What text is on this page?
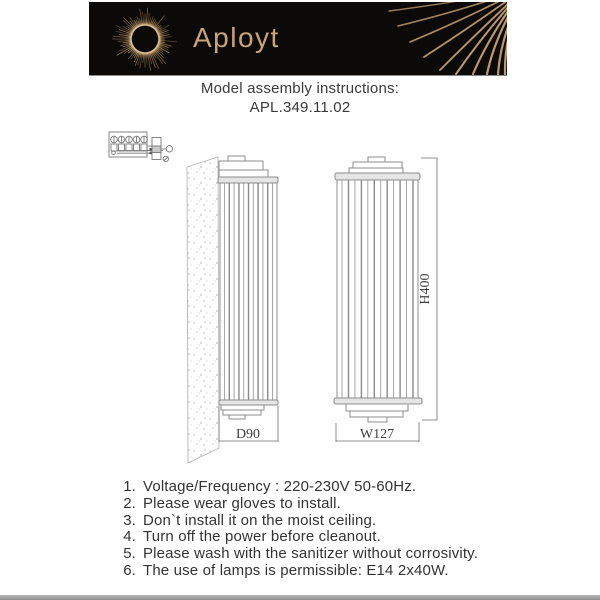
Aployt
Model assembly instructions:
APL.349.11.02
D90	W127
H400
1. Voltage/Frequency : 220-230V 50-60Hz.
2. Please wear gloves to install.
3. Don`t install it on the moist ceiling.
4. Turn off the power before cleanout.
5. Please wash with the sanitizer without corrosivity.
6. The use of lamps is permissible: E14 2x40W.
